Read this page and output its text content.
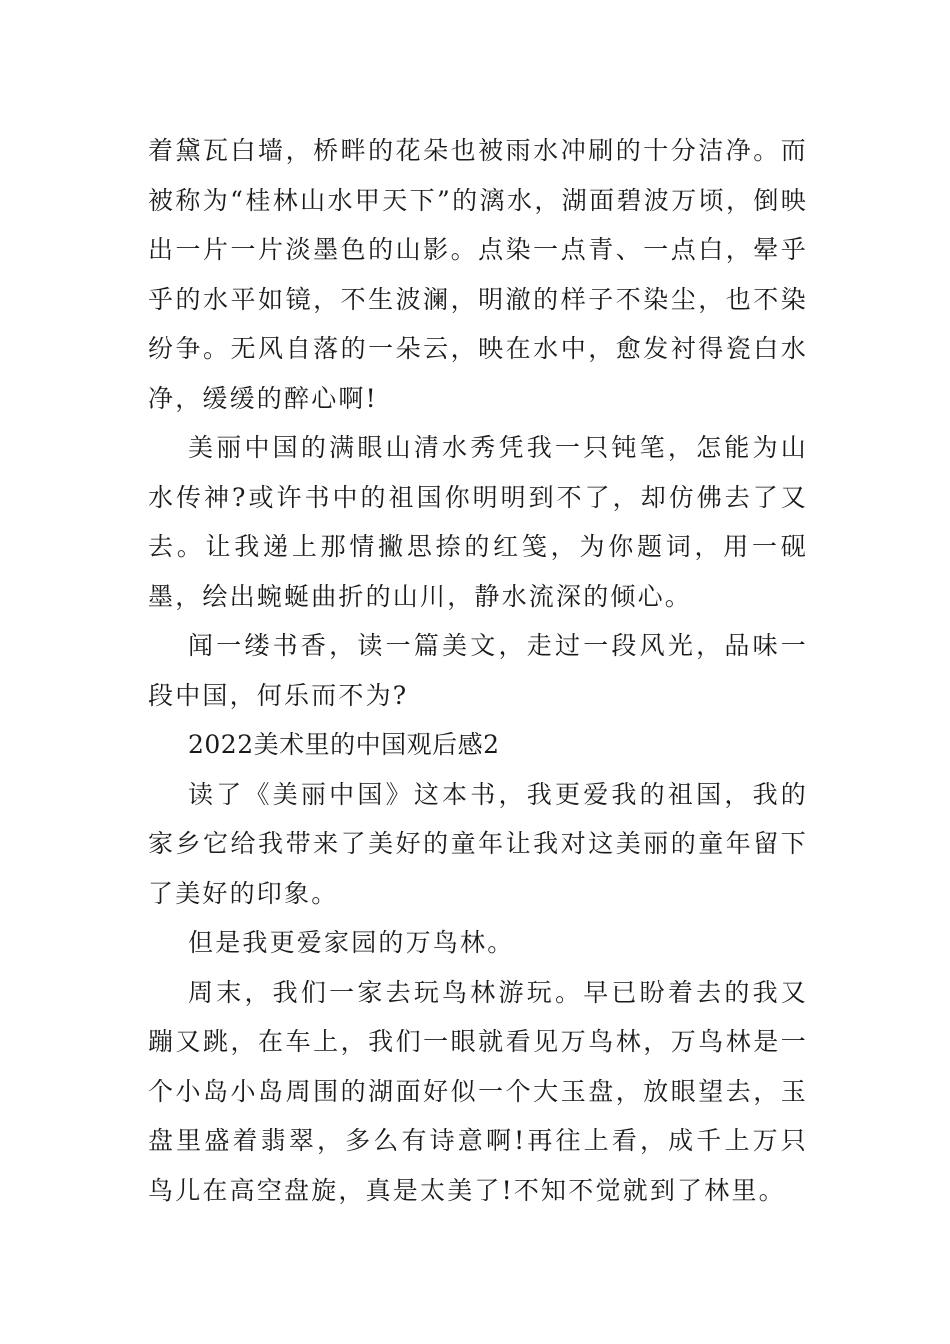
着黛瓦白墙，桥畔的花朵也被雨水冲刷的十分洁净。而被称为“桂林山水甲天下”的漓水，湖面碧波万顷，倒映出一片一片淡墨色的山影。点染一点青、一点白，晕乎乎的水平如镜，不生波澜，明澈的样子不染尘，也不染纷争。无风自落的一朵云，映在水中，愈发衬得瓷白水净，缓缓的醉心啊!

美丽中国的满眼山清水秀凭我一只钝笔，怎能为山水传神?或许书中的祖国你明明到不了，却仿佛去了又去。让我递上那情撇思捺的红笺，为你题词，用一砚墨，绘出蜿蜒曲折的山川，静水流深的倾心。

闻一缕书香，读一篇美文，走过一段风光，品味一段中国，何乐而不为?

2022美术里的中国观后感2

读了《美丽中国》这本书，我更爱我的祖国，我的家乡它给我带来了美好的童年让我对这美丽的童年留下了美好的印象。

但是我更爱家园的万鸟林。

周末，我们一家去玩鸟林游玩。早已盼着去的我又蹦又跳，在车上，我们一眼就看见万鸟林，万鸟林是一个小岛小岛周围的湖面好似一个大玉盘，放眼望去，玉盘里盛着翡翠，多么有诗意啊!再往上看，成千上万只鸟儿在高空盘旋，真是太美了!不知不觉就到了林里。
